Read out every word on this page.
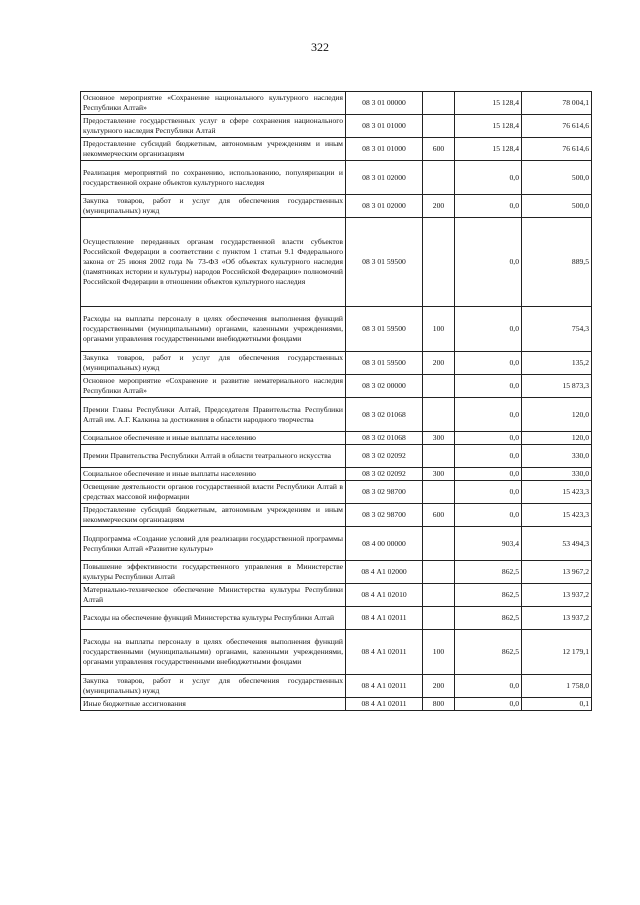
322
Основное мероприятие «Сохранение национального культурного наследия Республики Алтай»	08 3 01 00000		15 128,4	78 004,1
Предоставление государственных услуг в сфере сохранения национального культурного наследия Республики Алтай	08 3 01 01000		15 128,4	76 614,6
Предоставление субсидий бюджетным, автономным учреждениям и иным некоммерческим организациям	08 3 01 01000	600	15 128,4	76 614,6
Реализация мероприятий по сохранению, использованию, популяризации и государственной охране объектов культурного наследия	08 3 01 02000		0,0	500,0
Закупка товаров, работ и услуг для обеспечения государственных (муниципальных) нужд	08 3 01 02000	200	0,0	500,0
Осуществление переданных органам государственной власти субъектов Российской Федерации в соответствии с пунктом 1 статьи 9.1 Федерального закона от 25 июня 2002 года № 73-ФЗ «Об объектах культурного наследия (памятниках истории и культуры) народов Российской Федерации» полномочий Российской Федерации в отношении объектов культурного наследия	08 3 01 59500		0,0	889,5
Расходы на выплаты персоналу в целях обеспечения выполнения функций государственными (муниципальными) органами, казенными учреждениями, органами управления государственными внебюджетными фондами	08 3 01 59500	100	0,0	754,3
Закупка товаров, работ и услуг для обеспечения государственных (муниципальных) нужд	08 3 01 59500	200	0,0	135,2
Основное мероприятие «Сохранение и развитие нематериального наследия Республики Алтай»	08 3 02 00000		0,0	15 873,3
Премии Главы Республики Алтай, Председателя Правительства Республики Алтай им. А.Г. Калкина за достижения в области народного творчества	08 3 02 01068		0,0	120,0
Социальное обеспечение и иные выплаты населению	08 3 02 01068	300	0,0	120,0
Премии Правительства Республики Алтай в области театрального искусства	08 3 02 02092		0,0	330,0
Социальное обеспечение и иные выплаты населению	08 3 02 02092	300	0,0	330,0
Освещение деятельности органов государственной власти Республики Алтай в средствах массовой информации	08 3 02 98700		0,0	15 423,3
Предоставление субсидий бюджетным, автономным учреждениям и иным некоммерческим организациям	08 3 02 98700	600	0,0	15 423,3
Подпрограмма «Создание условий для реализации государственной программы Республики Алтай «Развитие культуры»	08 4 00 00000		903,4	53 494,3
Повышение эффективности государственного управления в Министерстве культуры Республики Алтай	08 4 А1 02000		862,5	13 967,2
Материально-техническое обеспечение Министерства культуры Республики Алтай	08 4 А1 02010		862,5	13 937,2
Расходы на обеспечение функций Министерства культуры Республики Алтай	08 4 А1 02011		862,5	13 937,2
Расходы на выплаты персоналу в целях обеспечения выполнения функций государственными (муниципальными) органами, казенными учреждениями, органами управления государственными внебюджетными фондами	08 4 А1 02011	100	862,5	12 179,1
Закупка товаров, работ и услуг для обеспечения государственных (муниципальных) нужд	08 4 А1 02011	200	0,0	1 758,0
Иные бюджетные ассигнования	08 4 А1 02011	800	0,0	0,1
